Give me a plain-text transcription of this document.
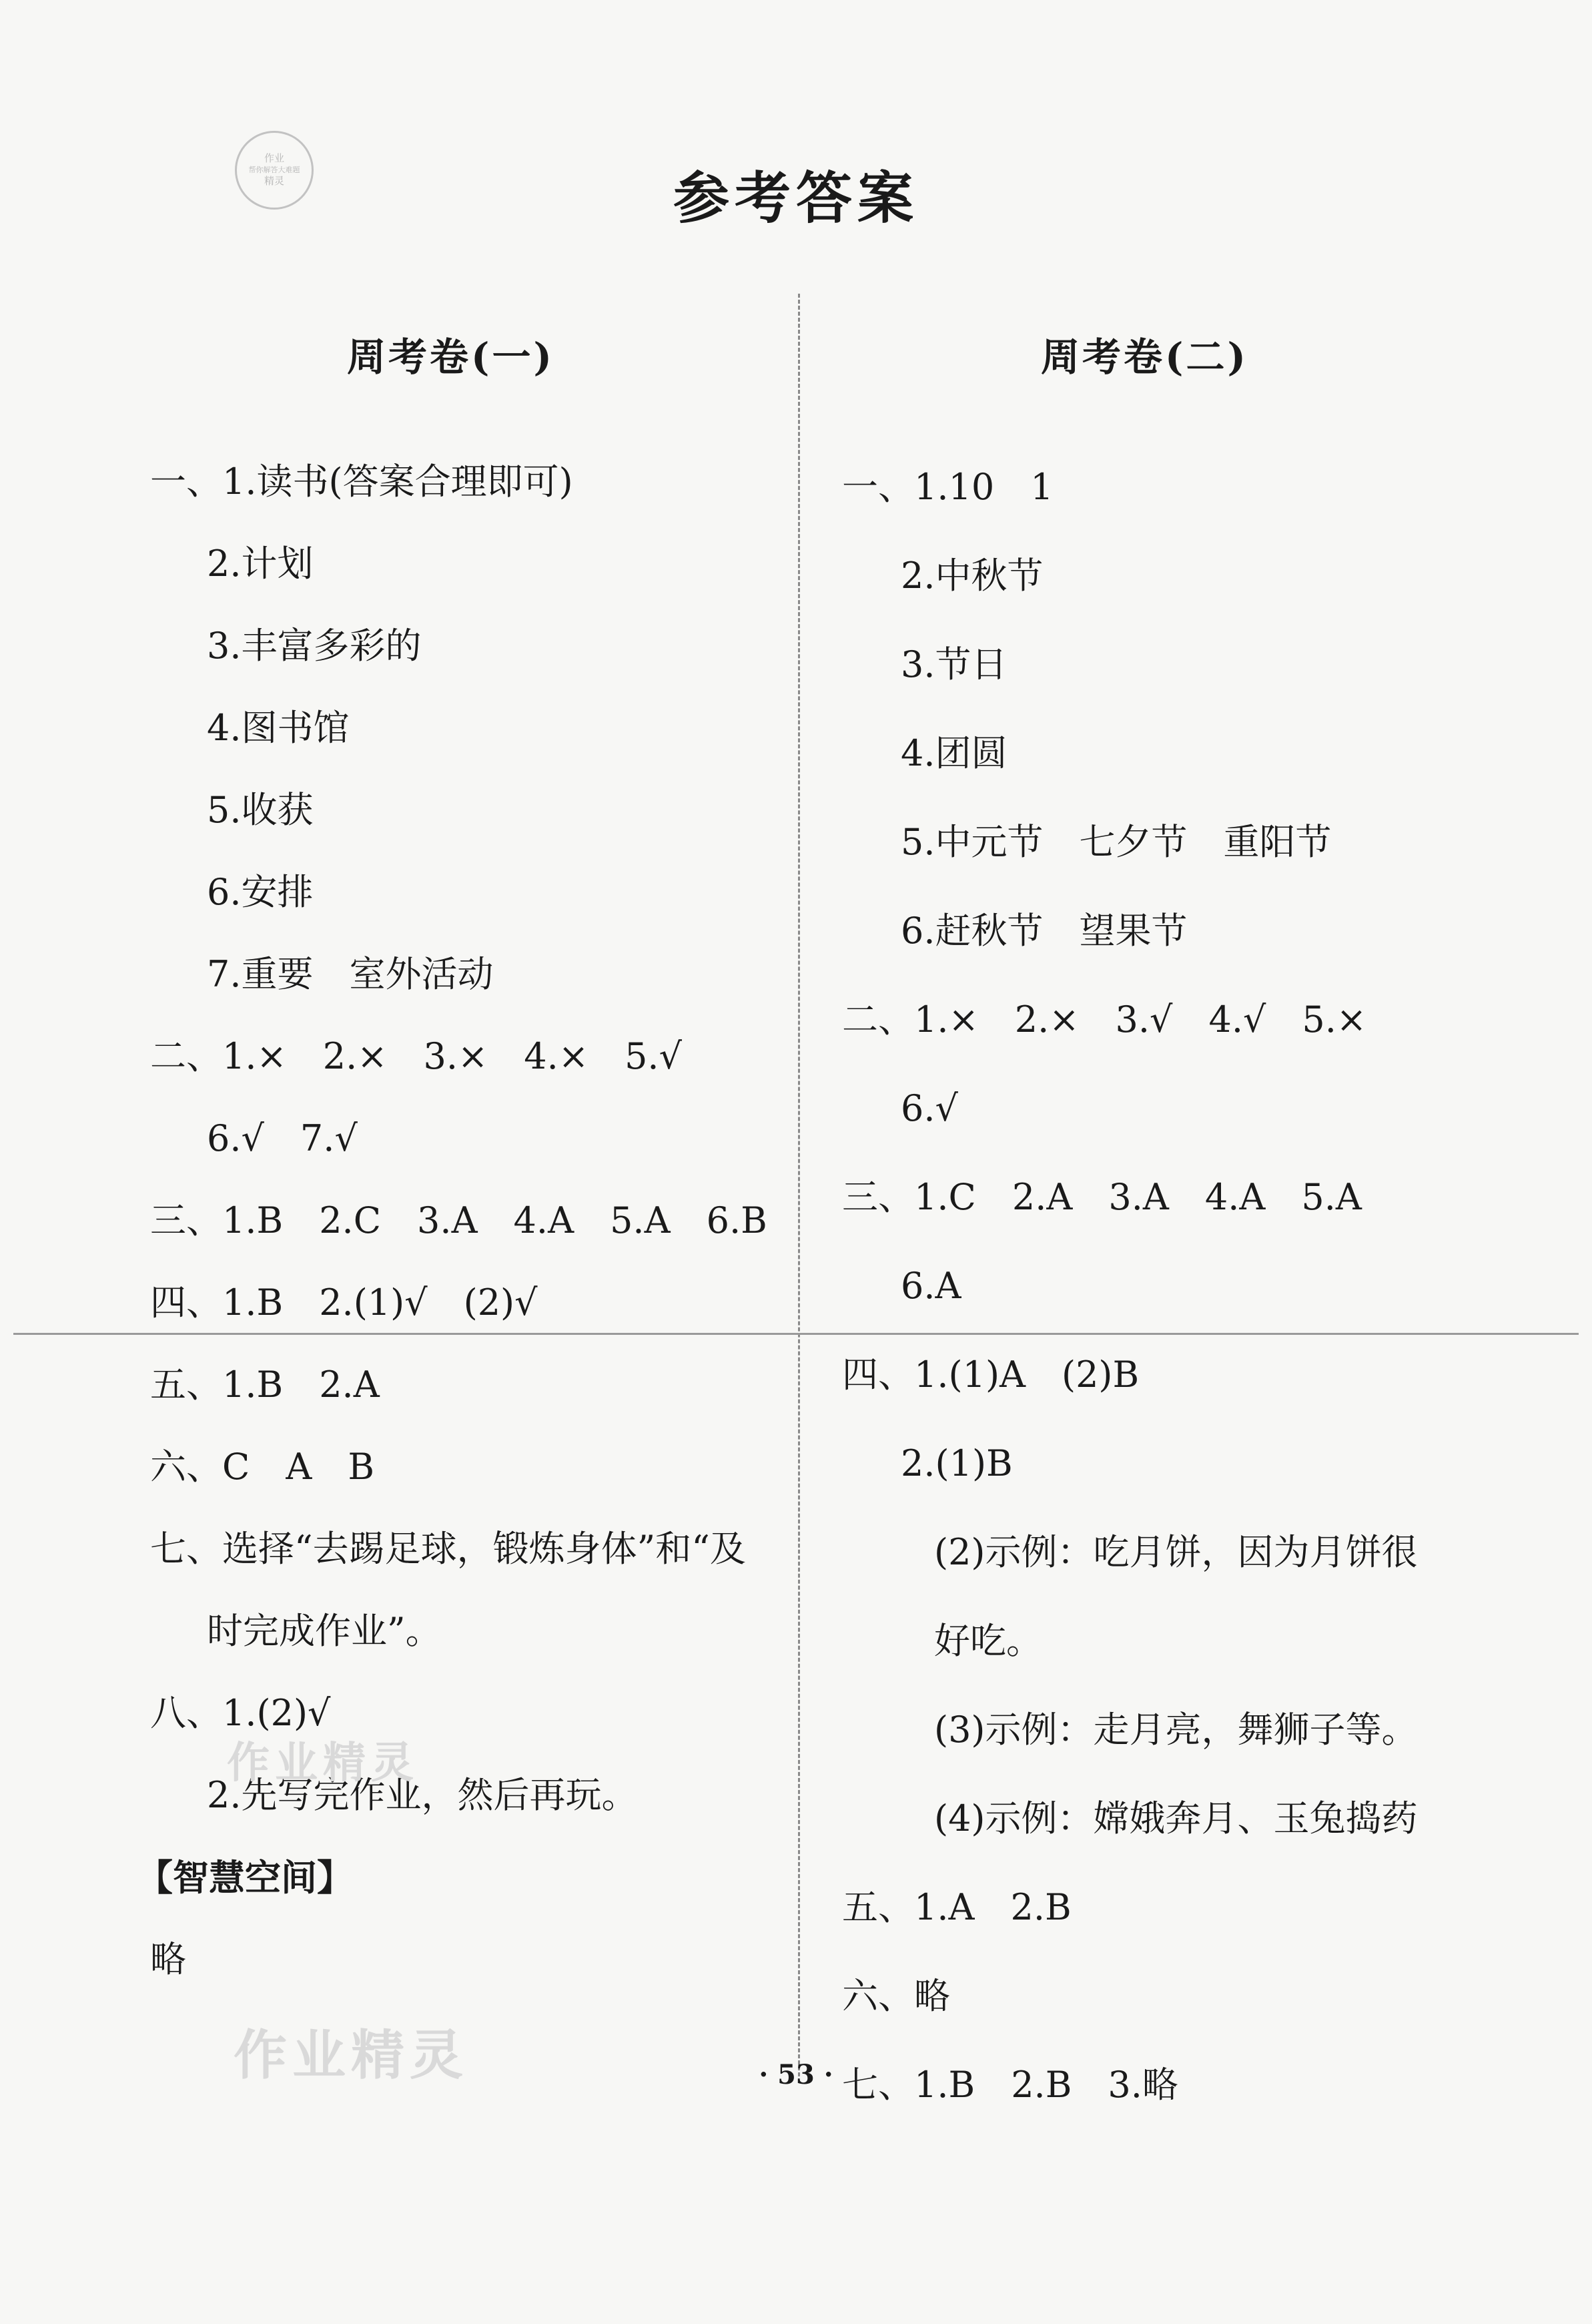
作业
帮你解答大难题
精灵	参考答案
周考卷(一)
一、1.读书(答案合理即可)
2.计划
3.丰富多彩的
4.图书馆
5.收获
6.安排
7.重要　室外活动
二、1.×　2.×　3.×　4.×　5.√
6.√　7.√
三、1.B　2.C　3.A　4.A　5.A　6.B
四、1.B　2.(1)√　(2)√
五、1.B　2.A
六、C　A　B
七、选择“去踢足球，锻炼身体”和“及
时完成作业”。
八、1.(2)√
2.先写完作业，然后再玩。
【智慧空间】
略
周考卷(二)
一、1.10　1
2.中秋节
3.节日
4.团圆
5.中元节　七夕节　重阳节
6.赶秋节　望果节
二、1.×　2.×　3.√　4.√　5.×
6.√
三、1.C　2.A　3.A　4.A　5.A
6.A
四、1.(1)A　(2)B
2.(1)B
(2)示例：吃月饼，因为月饼很
好吃。
(3)示例：走月亮，舞狮子等。
(4)示例：嫦娥奔月、玉兔捣药
五、1.A　2.B
六、略
七、1.B　2.B　3.略
作业精灵
作业精灵	· 53 ·
